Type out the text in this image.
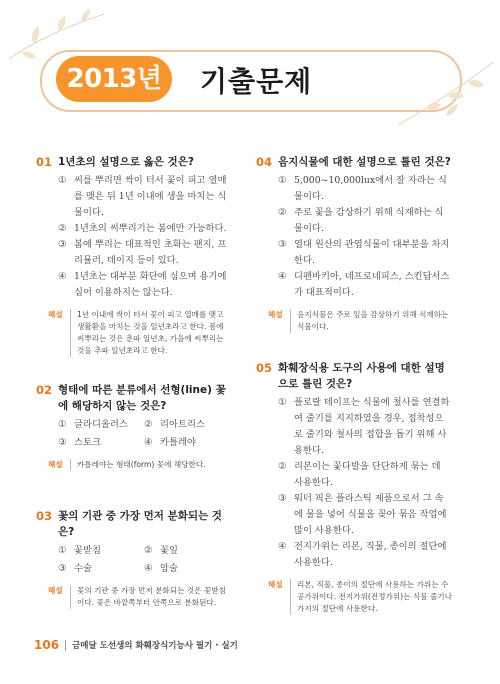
2013년	기출문제
01 1년초의 설명으로 옳은 것은?
① 씨를 뿌리면 싹이 터서 꽃이 피고 열매를 맺은 뒤 1년 이내에 생을 마치는 식물이다.
② 1년초의 씨뿌리기는 봄에만 가능하다.
③ 봄에 뿌리는 대표적인 초화는 팬지, 프리뮬러, 데이지 등이 있다.
④ 1년초는 대부분 화단에 심으며 용기에 심어 이용하지는 않는다.
해설	1년 이내에 싹이 터서 꽃이 피고 열매를 맺고 생활환을 마치는 것을 일년초라고 한다. 봄에 씨뿌리는 것은 춘파 일년초, 가을에 씨뿌리는 것을 추파 일년초라고 한다.
02 형태에 따른 분류에서 선형(line) 꽃에 해당하지 않는 것은?
① 글라디올러스 ② 리아트리스
③ 스토크	④ 카틀레야
해설	카틀레야는 형태(form) 꽃에 해당한다.
03 꽃의 기관 중 가장 먼저 분화되는 것은?
① 꽃받침	② 꽃잎
③ 수술	④ 암술
해설	꽃의 기관 중 가장 먼저 분화되는 것은 꽃받침이다. 꽃은 바깥쪽부터 안쪽으로 분화된다.
04 음지식물에 대한 설명으로 틀린 것은?
① 5,000~10,000lux에서 잘 자라는 식물이다.
② 주로 꽃을 감상하기 위해 식재하는 식물이다.
③ 열대 원산의 관엽식물이 대부분을 차지한다.
④ 디펜바키아, 네프로네피스, 스킨답서스가 대표적이다.
해설	음지식물은 주로 잎을 감상하기 위해 식재하는 식물이다.
05 화훼장식용 도구의 사용에 대한 설명으로 틀린 것은?
① 플로랄 테이프는 식물에 철사를 연결하여 줄기를 지지하였을 경우, 접착성으로 줄기와 철사의 접합을 돕기 위해 사용한다.
② 리본이는 꽃다발을 단단하게 묶는 데 사용한다.
③ 워터 픽은 플라스틱 제품으로서 그 속에 물을 넣어 식물을 꽂아 묶음 작업에 많이 사용한다.
④ 전지가위는 리본, 직물, 종이의 절단에 사용한다.
해설	리본, 직물, 종이의 절단에 사용하는 가위는 수공가위이다. 전지가위(전정가위)는 식물 줄기나 가지의 절단에 사용한다.
106 금메달 도선생의 화훼장식기능사 필기 · 실기
